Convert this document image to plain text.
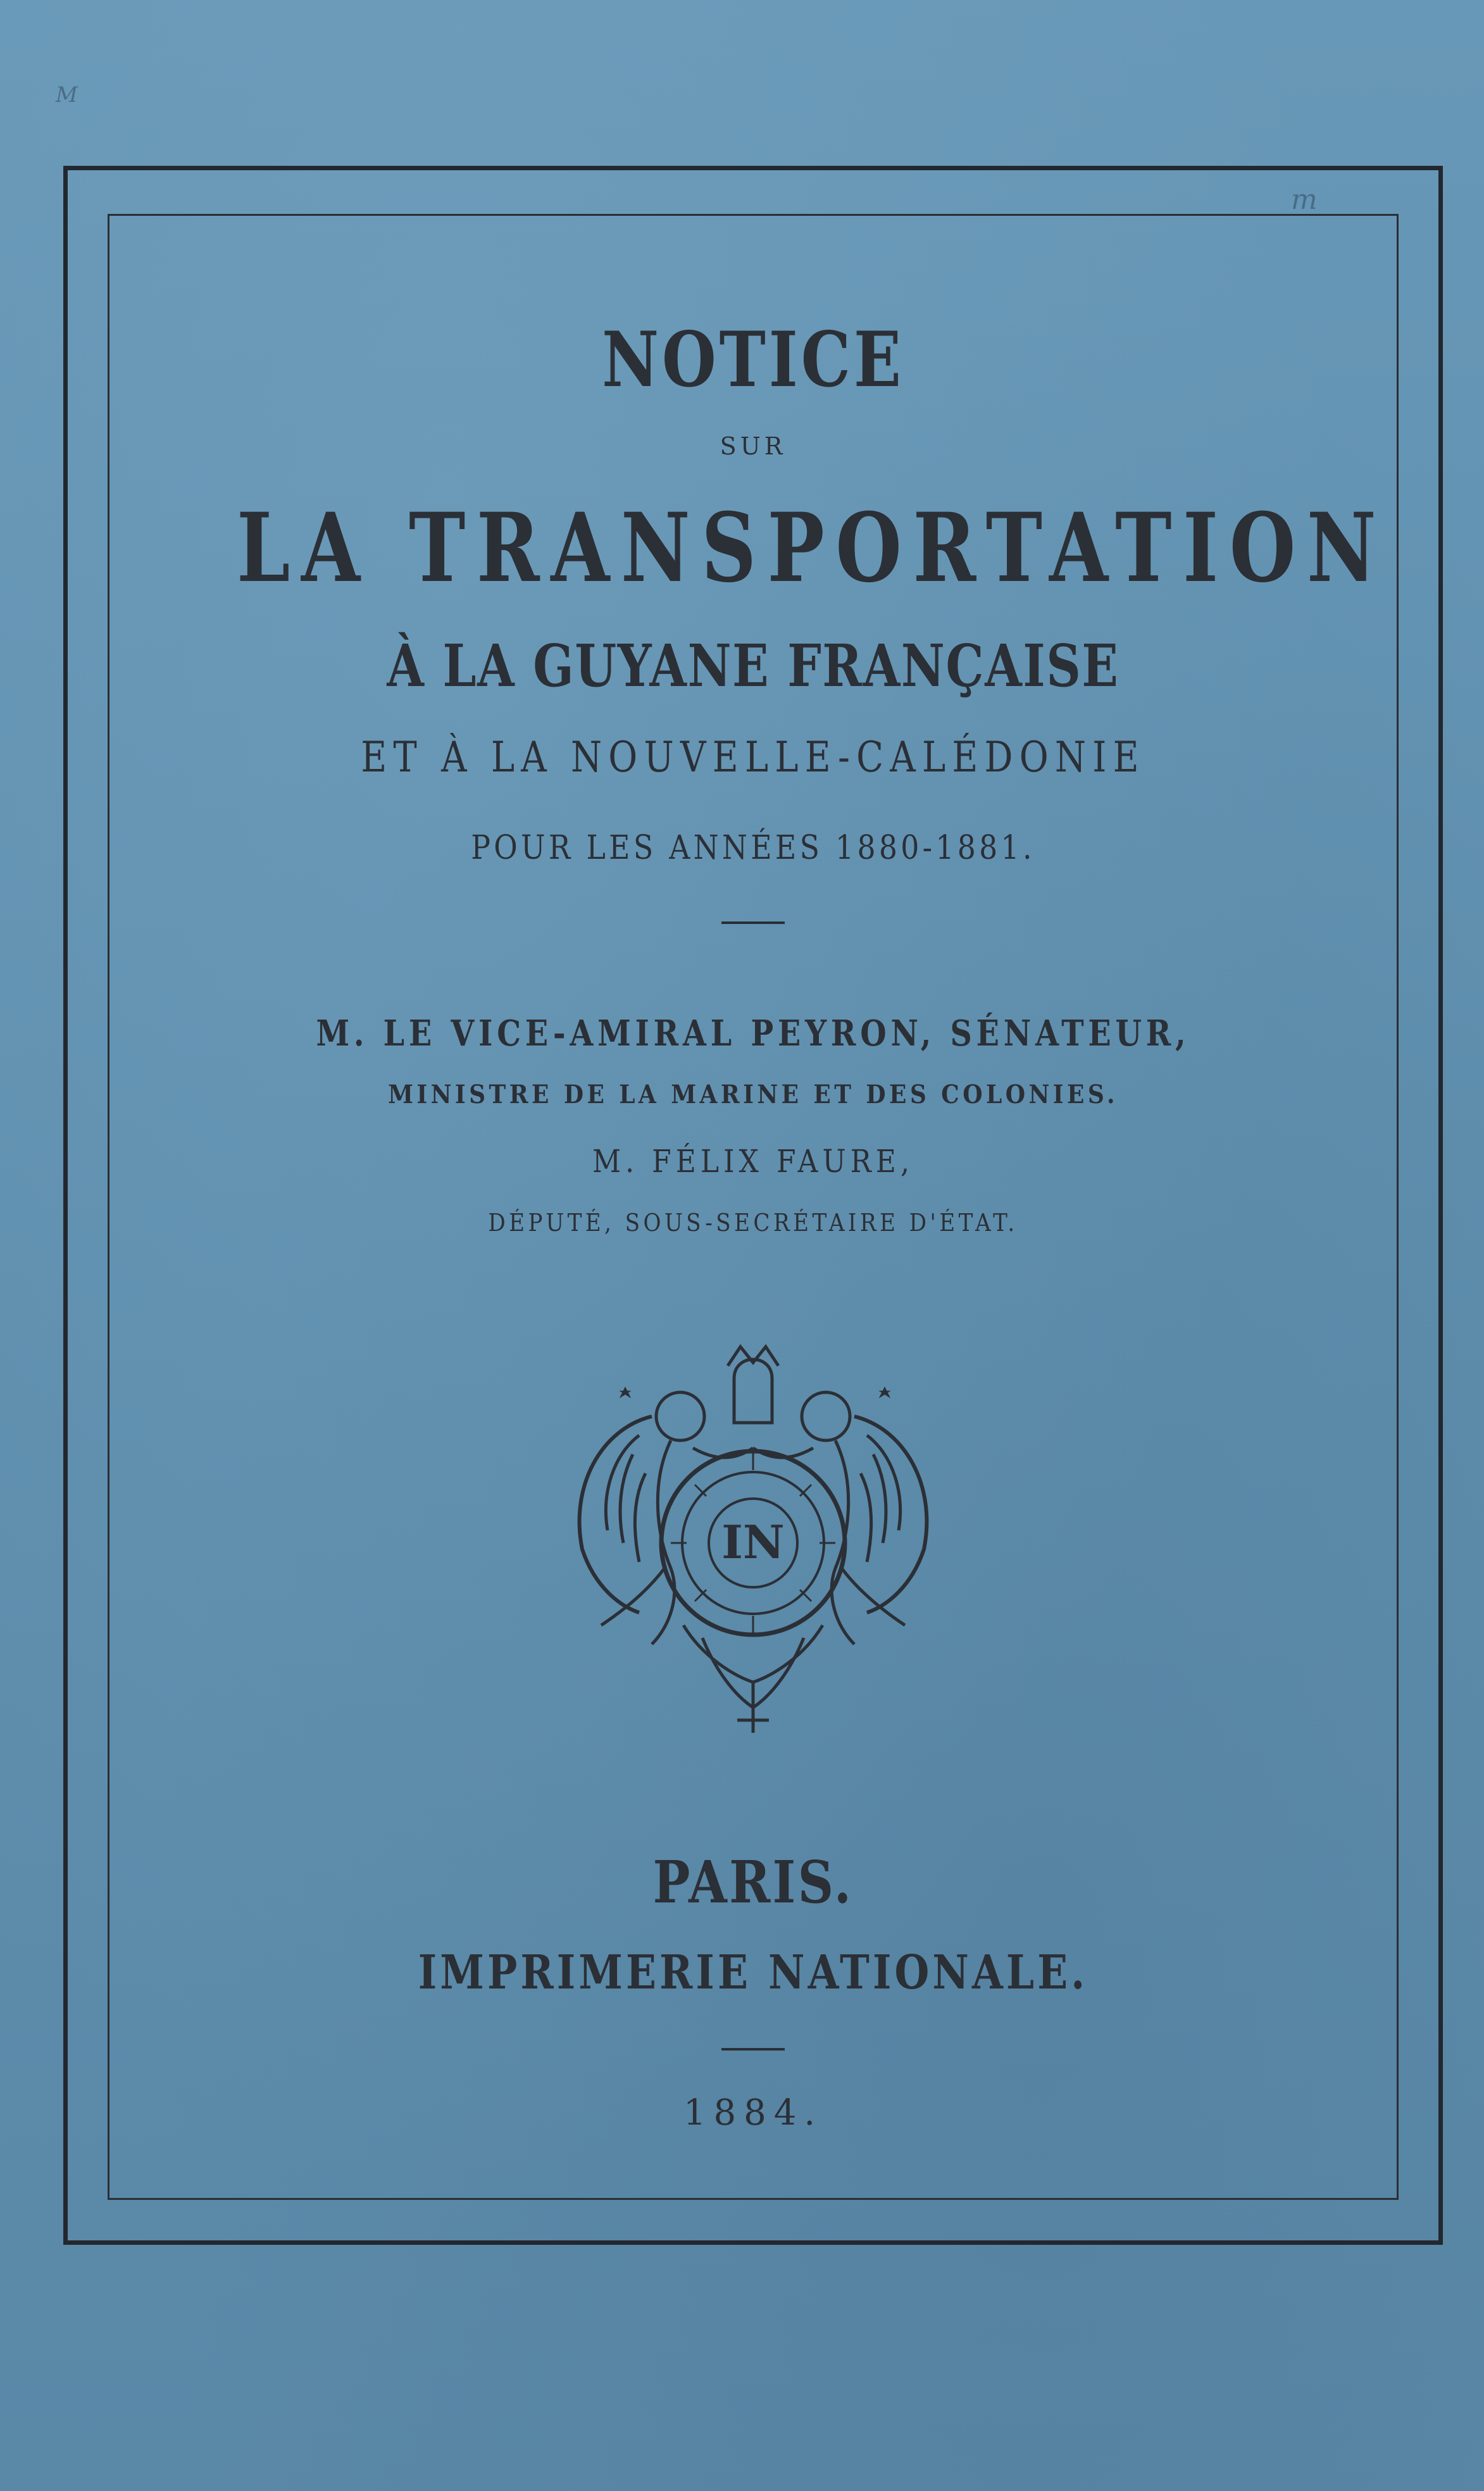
M
m
NOTICE

SUR

LA TRANSPORTATION

À LA GUYANE FRANÇAISE

ET À LA NOUVELLE-CALÉDONIE

POUR LES ANNÉES 1880-1881.

M. LE VICE-AMIRAL PEYRON, SÉNATEUR,

MINISTRE DE LA MARINE ET DES COLONIES.

M. FÉLIX FAURE,

DÉPUTÉ, SOUS-SECRÉTAIRE D'ÉTAT.

IN

PARIS.

IMPRIMERIE NATIONALE.

1884.
